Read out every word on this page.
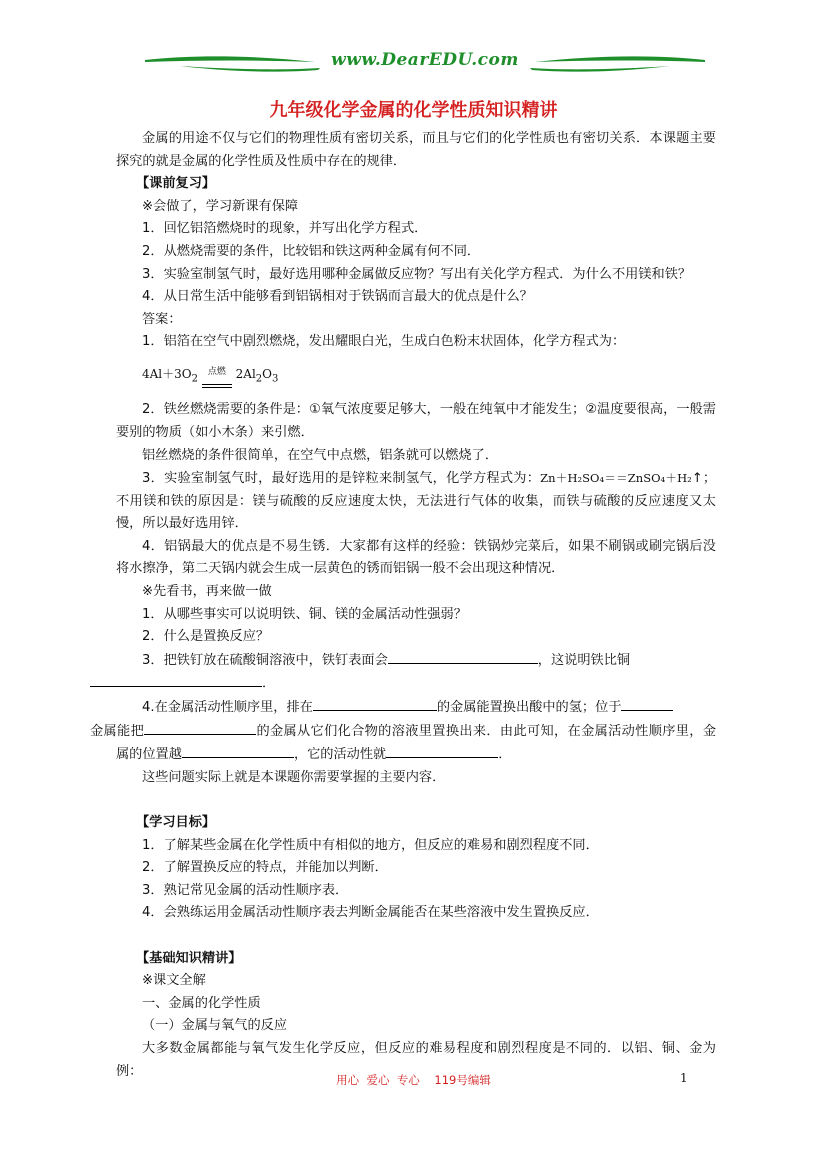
www.DearEDU.com
九年级化学金属的化学性质知识精讲

金属的用途不仅与它们的物理性质有密切关系，而且与它们的化学性质也有密切关系．本课题主要探究的就是金属的化学性质及性质中存在的规律．

【课前复习】

※会做了，学习新课有保障

1．回忆铝箔燃烧时的现象，并写出化学方程式．

2．从燃烧需要的条件，比较铝和铁这两种金属有何不同．

3．实验室制氢气时，最好选用哪种金属做反应物？写出有关化学方程式．为什么不用镁和铁？

4．从日常生活中能够看到铝锅相对于铁锅而言最大的优点是什么？

答案：

1．铝箔在空气中剧烈燃烧，发出耀眼白光，生成白色粉末状固体，化学方程式为：

$4Al+3O_2$ 点燃 $2Al_2O_3$

2．铁丝燃烧需要的条件是：①氧气浓度要足够大，一般在纯氧中才能发生；②温度要很高，一般需要别的物质（如小木条）来引燃．

铝丝燃烧的条件很简单，在空气中点燃，铝条就可以燃烧了．

3．实验室制氢气时，最好选用的是锌粒来制氢气，化学方程式为：Zn＋H₂SO₄＝＝ZnSO₄＋H₂↑；不用镁和铁的原因是：镁与硫酸的反应速度太快，无法进行气体的收集，而铁与硫酸的反应速度又太慢，所以最好选用锌．

4．铝锅最大的优点是不易生锈．大家都有这样的经验：铁锅炒完菜后，如果不刷锅或刷完锅后没将水擦净，第二天锅内就会生成一层黄色的锈而铝锅一般不会出现这种情况．

※先看书，再来做一做

1．从哪些事实可以说明铁、铜、镁的金属活动性强弱？

2．什么是置换反应？

3．把铁钉放在硫酸铜溶液中，铁钉表面会	，这说明铁比铜
．

4.在金属活动性顺序里，排在	的金属能置换出酸中的氢；位于
金属能把	的金属从它们化合物的溶液里置换出来．由此可知，在金属活动性顺序里，金属的位置越	，它的活动性就	．

这些问题实际上就是本课题你需要掌握的主要内容．

【学习目标】

1．了解某些金属在化学性质中有相似的地方，但反应的难易和剧烈程度不同．

2．了解置换反应的特点，并能加以判断．

3．熟记常见金属的活动性顺序表．

4．会熟练运用金属活动性顺序表去判断金属能否在某些溶液中发生置换反应．

【基础知识精讲】

※课文全解

一、金属的化学性质

（一）金属与氧气的反应

大多数金属都能与氧气发生化学反应，但反应的难易程度和剧烈程度是不同的．以铝、铜、金为例：

用心  爱心  专心    119号编辑	1
